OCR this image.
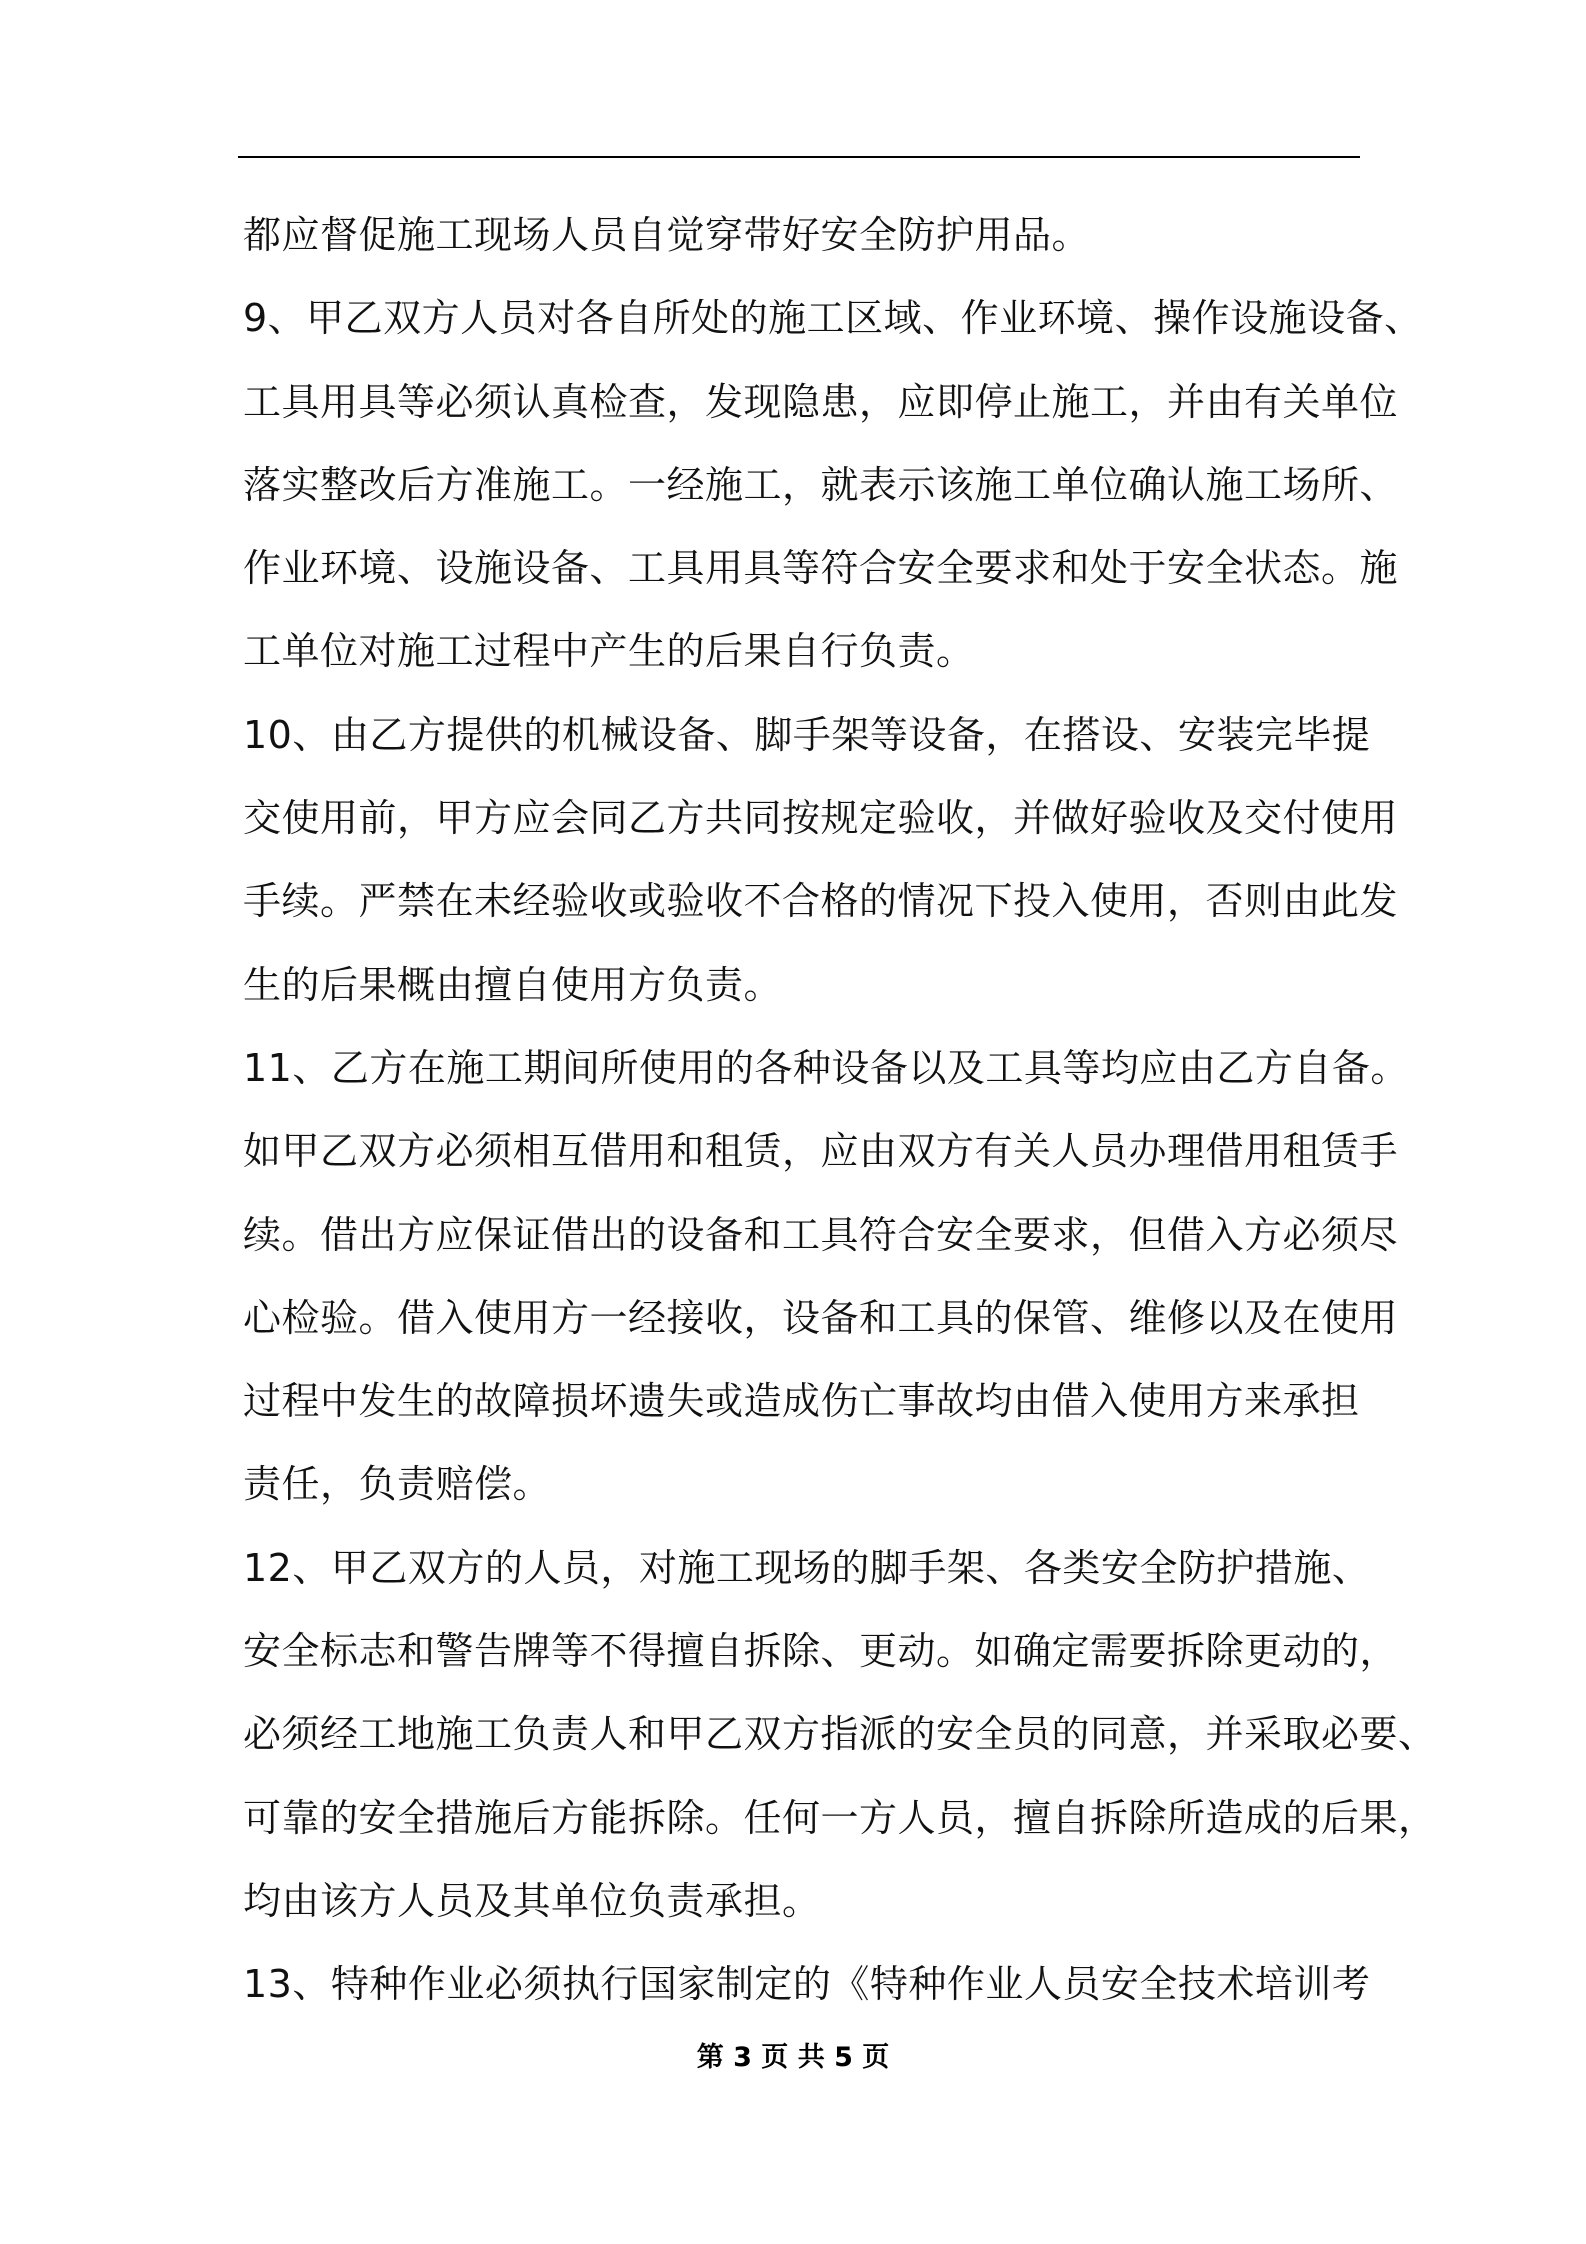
都应督促施工现场人员自觉穿带好安全防护用品。
9、甲乙双方人员对各自所处的施工区域、作业环境、操作设施设备、
工具用具等必须认真检查，发现隐患，应即停止施工，并由有关单位
落实整改后方准施工。一经施工，就表示该施工单位确认施工场所、
作业环境、设施设备、工具用具等符合安全要求和处于安全状态。施
工单位对施工过程中产生的后果自行负责。
10、由乙方提供的机械设备、脚手架等设备，在搭设、安装完毕提
交使用前，甲方应会同乙方共同按规定验收，并做好验收及交付使用
手续。严禁在未经验收或验收不合格的情况下投入使用，否则由此发
生的后果概由擅自使用方负责。
11、乙方在施工期间所使用的各种设备以及工具等均应由乙方自备。
如甲乙双方必须相互借用和租赁，应由双方有关人员办理借用租赁手
续。借出方应保证借出的设备和工具符合安全要求，但借入方必须尽
心检验。借入使用方一经接收，设备和工具的保管、维修以及在使用
过程中发生的故障损坏遗失或造成伤亡事故均由借入使用方来承担
责任，负责赔偿。
12、甲乙双方的人员，对施工现场的脚手架、各类安全防护措施、
安全标志和警告牌等不得擅自拆除、更动。如确定需要拆除更动的，
必须经工地施工负责人和甲乙双方指派的安全员的同意，并采取必要、
可靠的安全措施后方能拆除。任何一方人员，擅自拆除所造成的后果，
均由该方人员及其单位负责承担。
13、特种作业必须执行国家制定的《特种作业人员安全技术培训考
第 3 页 共 5 页
